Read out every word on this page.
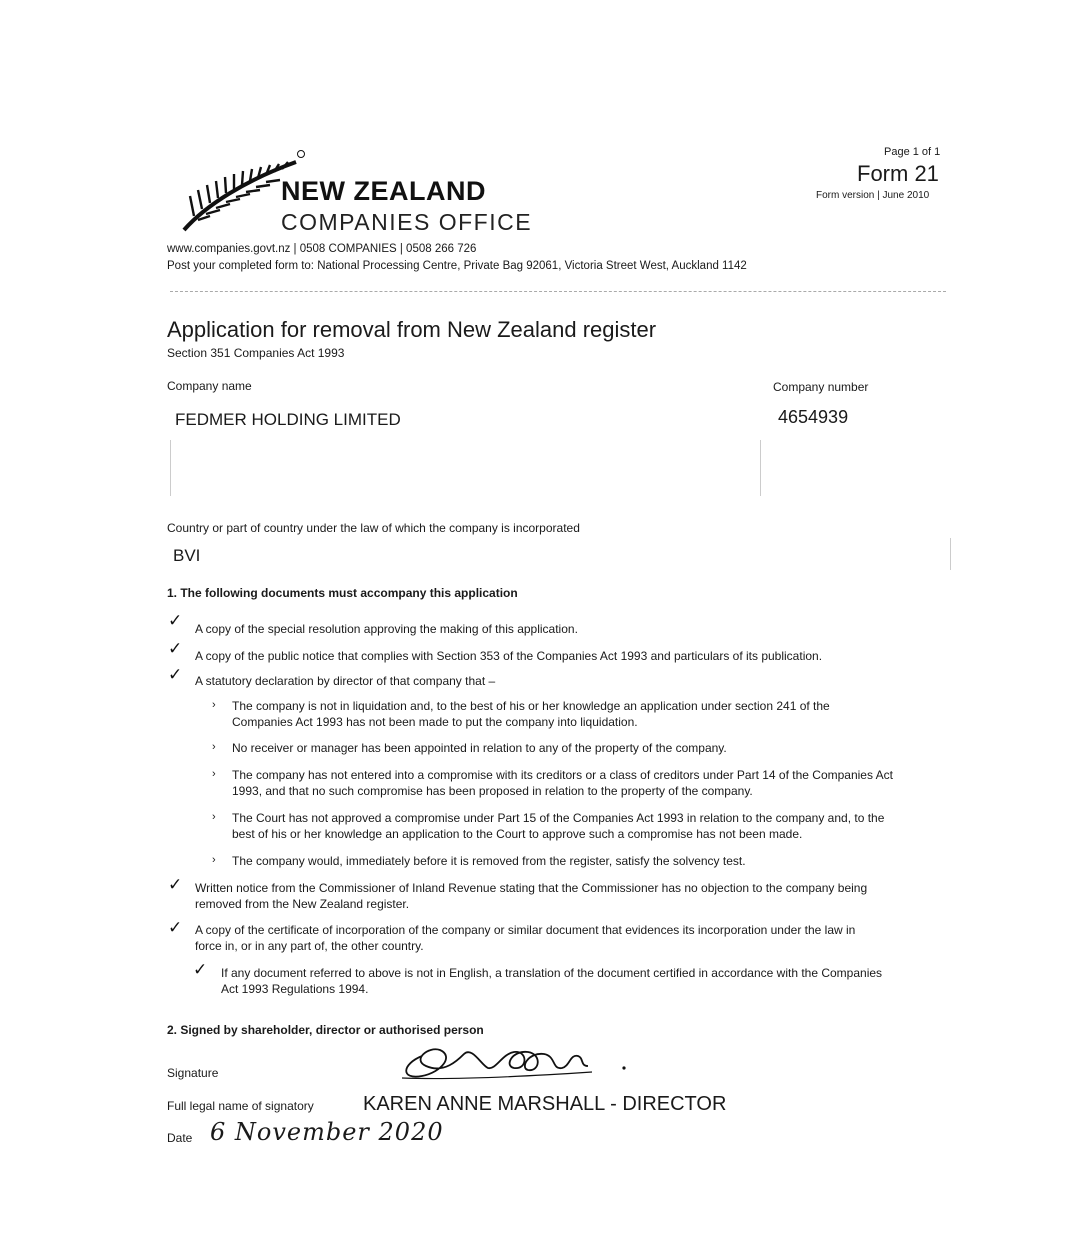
NEW ZEALAND
COMPANIES OFFICE
Page 1 of 1
Form 21
Form version | June 2010
www.companies.govt.nz | 0508 COMPANIES | 0508 266 726
Post your completed form to: National Processing Centre, Private Bag 92061, Victoria Street West, Auckland 1142
Application for removal from New Zealand register
Section 351 Companies Act 1993
Company name	Company number
FEDMER HOLDING LIMITED	4654939
Country or part of country under the law of which the company is incorporated
BVI
1. The following documents must accompany this application
✓ A copy of the special resolution approving the making of this application.
✓ A copy of the public notice that complies with Section 353 of the Companies Act 1993 and particulars of its publication.
✓ A statutory declaration by director of that company that –
› The company is not in liquidation and, to the best of his or her knowledge an application under section 241 of the
Companies Act 1993 has not been made to put the company into liquidation.
› No receiver or manager has been appointed in relation to any of the property of the company.
› The company has not entered into a compromise with its creditors or a class of creditors under Part 14 of the Companies Act
1993, and that no such compromise has been proposed in relation to the property of the company.
› The Court has not approved a compromise under Part 15 of the Companies Act 1993 in relation to the company and, to the
best of his or her knowledge an application to the Court to approve such a compromise has not been made.
› The company would, immediately before it is removed from the register, satisfy the solvency test.
✓ Written notice from the Commissioner of Inland Revenue stating that the Commissioner has no objection to the company being
removed from the New Zealand register.
✓ A copy of the certificate of incorporation of the company or similar document that evidences its incorporation under the law in
force in, or in any part of, the other country.
✓ If any document referred to above is not in English, a translation of the document certified in accordance with the Companies
Act 1993 Regulations 1994.
2. Signed by shareholder, director or authorised person
Signature
Full legal name of signatory KAREN ANNE MARSHALL - DIRECTOR
Date 6 November 2020
